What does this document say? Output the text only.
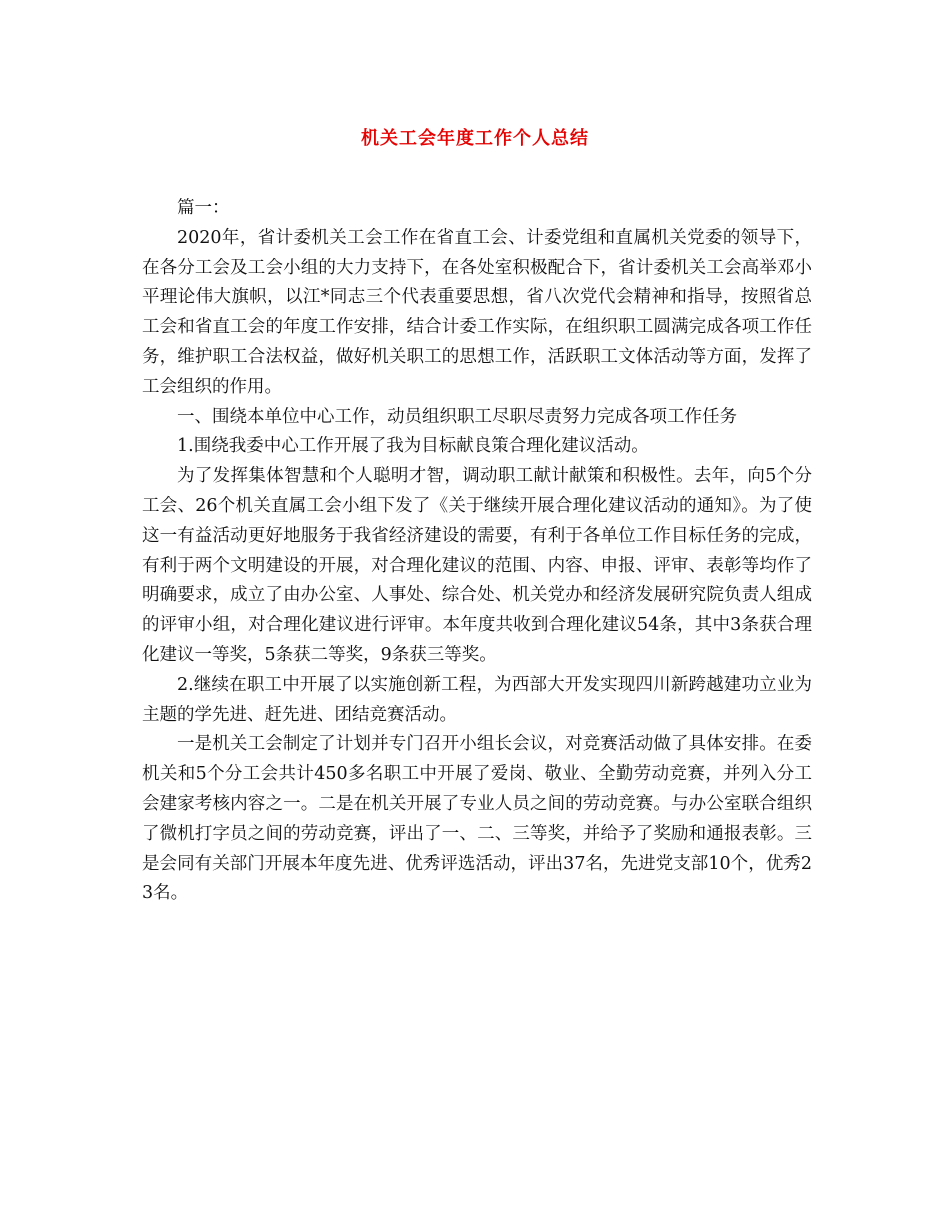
机关工会年度工作个人总结

篇一：

2020年，省计委机关工会工作在省直工会、计委党组和直属机关党委的领导下，在各分工会及工会小组的大力支持下，在各处室积极配合下，省计委机关工会高举邓小平理论伟大旗帜，以江*同志三个代表重要思想，省八次党代会精神和指导，按照省总工会和省直工会的年度工作安排，结合计委工作实际，在组织职工圆满完成各项工作任务，维护职工合法权益，做好机关职工的思想工作，活跃职工文体活动等方面，发挥了工会组织的作用。

一、围绕本单位中心工作，动员组织职工尽职尽责努力完成各项工作任务

1.围绕我委中心工作开展了我为目标献良策合理化建议活动。

为了发挥集体智慧和个人聪明才智，调动职工献计献策和积极性。去年，向5个分工会、26个机关直属工会小组下发了《关于继续开展合理化建议活动的通知》。为了使这一有益活动更好地服务于我省经济建设的需要，有利于各单位工作目标任务的完成，有利于两个文明建设的开展，对合理化建议的范围、内容、申报、评审、表彰等均作了明确要求，成立了由办公室、人事处、综合处、机关党办和经济发展研究院负责人组成的评审小组，对合理化建议进行评审。本年度共收到合理化建议54条，其中3条获合理化建议一等奖，5条获二等奖，9条获三等奖。

2.继续在职工中开展了以实施创新工程，为西部大开发实现四川新跨越建功立业为主题的学先进、赶先进、团结竞赛活动。

一是机关工会制定了计划并专门召开小组长会议，对竞赛活动做了具体安排。在委机关和5个分工会共计450多名职工中开展了爱岗、敬业、全勤劳动竞赛，并列入分工会建家考核内容之一。二是在机关开展了专业人员之间的劳动竞赛。与办公室联合组织了微机打字员之间的劳动竞赛，评出了一、二、三等奖，并给予了奖励和通报表彰。三是会同有关部门开展本年度先进、优秀评选活动，评出37名，先进党支部10个，优秀23名。
